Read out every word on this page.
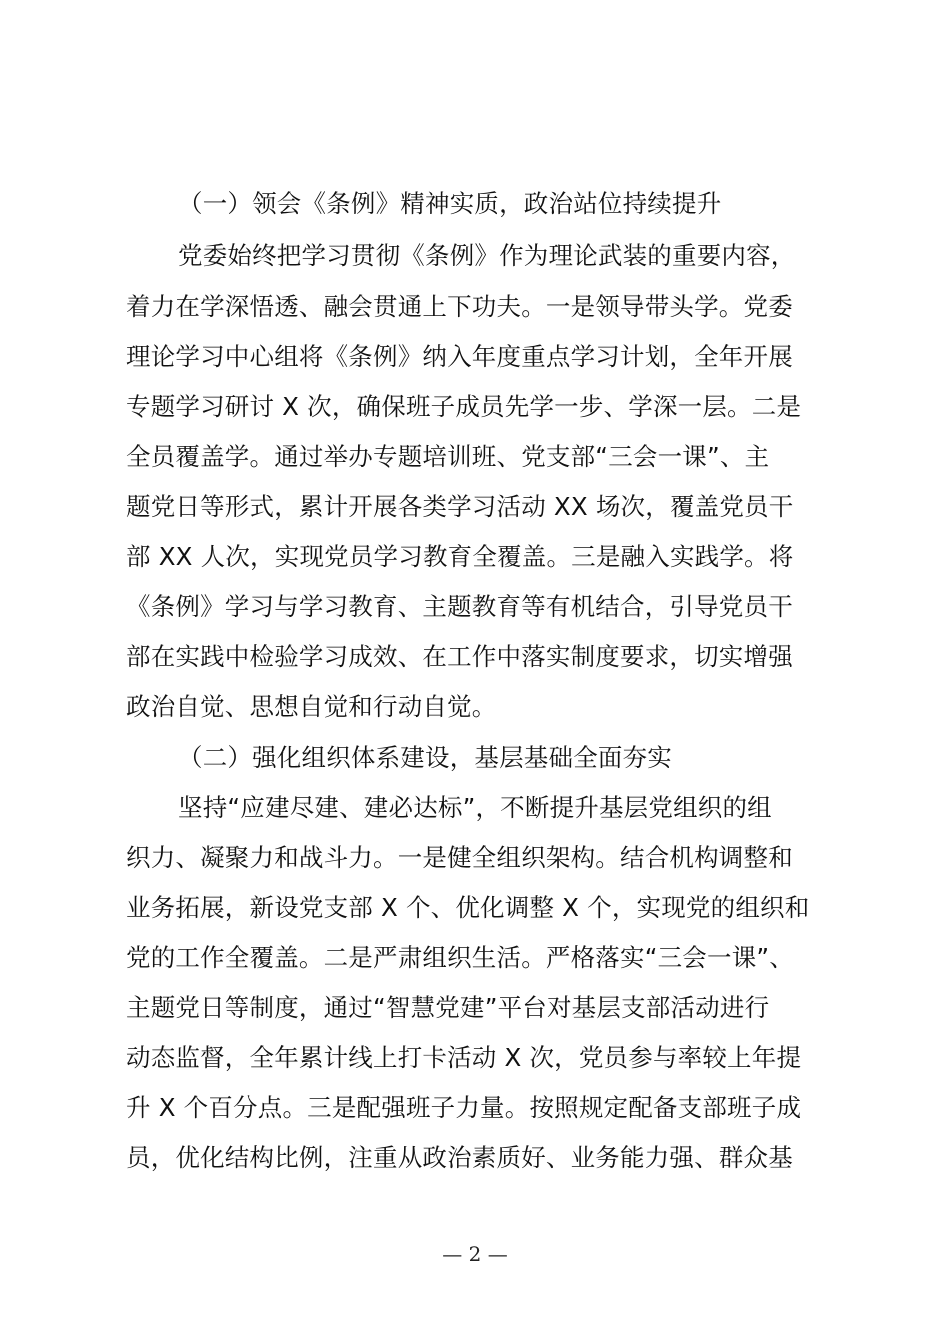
（一）领会《条例》精神实质，政治站位持续提升
党委始终把学习贯彻《条例》作为理论武装的重要内容，
着力在学深悟透、融会贯通上下功夫。一是领导带头学。党委
理论学习中心组将《条例》纳入年度重点学习计划，全年开展
专题学习研讨 X 次，确保班子成员先学一步、学深一层。二是
全员覆盖学。通过举办专题培训班、党支部“三会一课”、主
题党日等形式，累计开展各类学习活动 XX 场次，覆盖党员干
部 XX 人次，实现党员学习教育全覆盖。三是融入实践学。将
《条例》学习与学习教育、主题教育等有机结合，引导党员干
部在实践中检验学习成效、在工作中落实制度要求，切实增强
政治自觉、思想自觉和行动自觉。
（二）强化组织体系建设，基层基础全面夯实
坚持“应建尽建、建必达标”，不断提升基层党组织的组
织力、凝聚力和战斗力。一是健全组织架构。结合机构调整和
业务拓展，新设党支部 X 个、优化调整 X 个，实现党的组织和
党的工作全覆盖。二是严肃组织生活。严格落实“三会一课”、
主题党日等制度，通过“智慧党建”平台对基层支部活动进行
动态监督，全年累计线上打卡活动 X 次，党员参与率较上年提
升 X 个百分点。三是配强班子力量。按照规定配备支部班子成
员，优化结构比例，注重从政治素质好、业务能力强、群众基
— 2 —
